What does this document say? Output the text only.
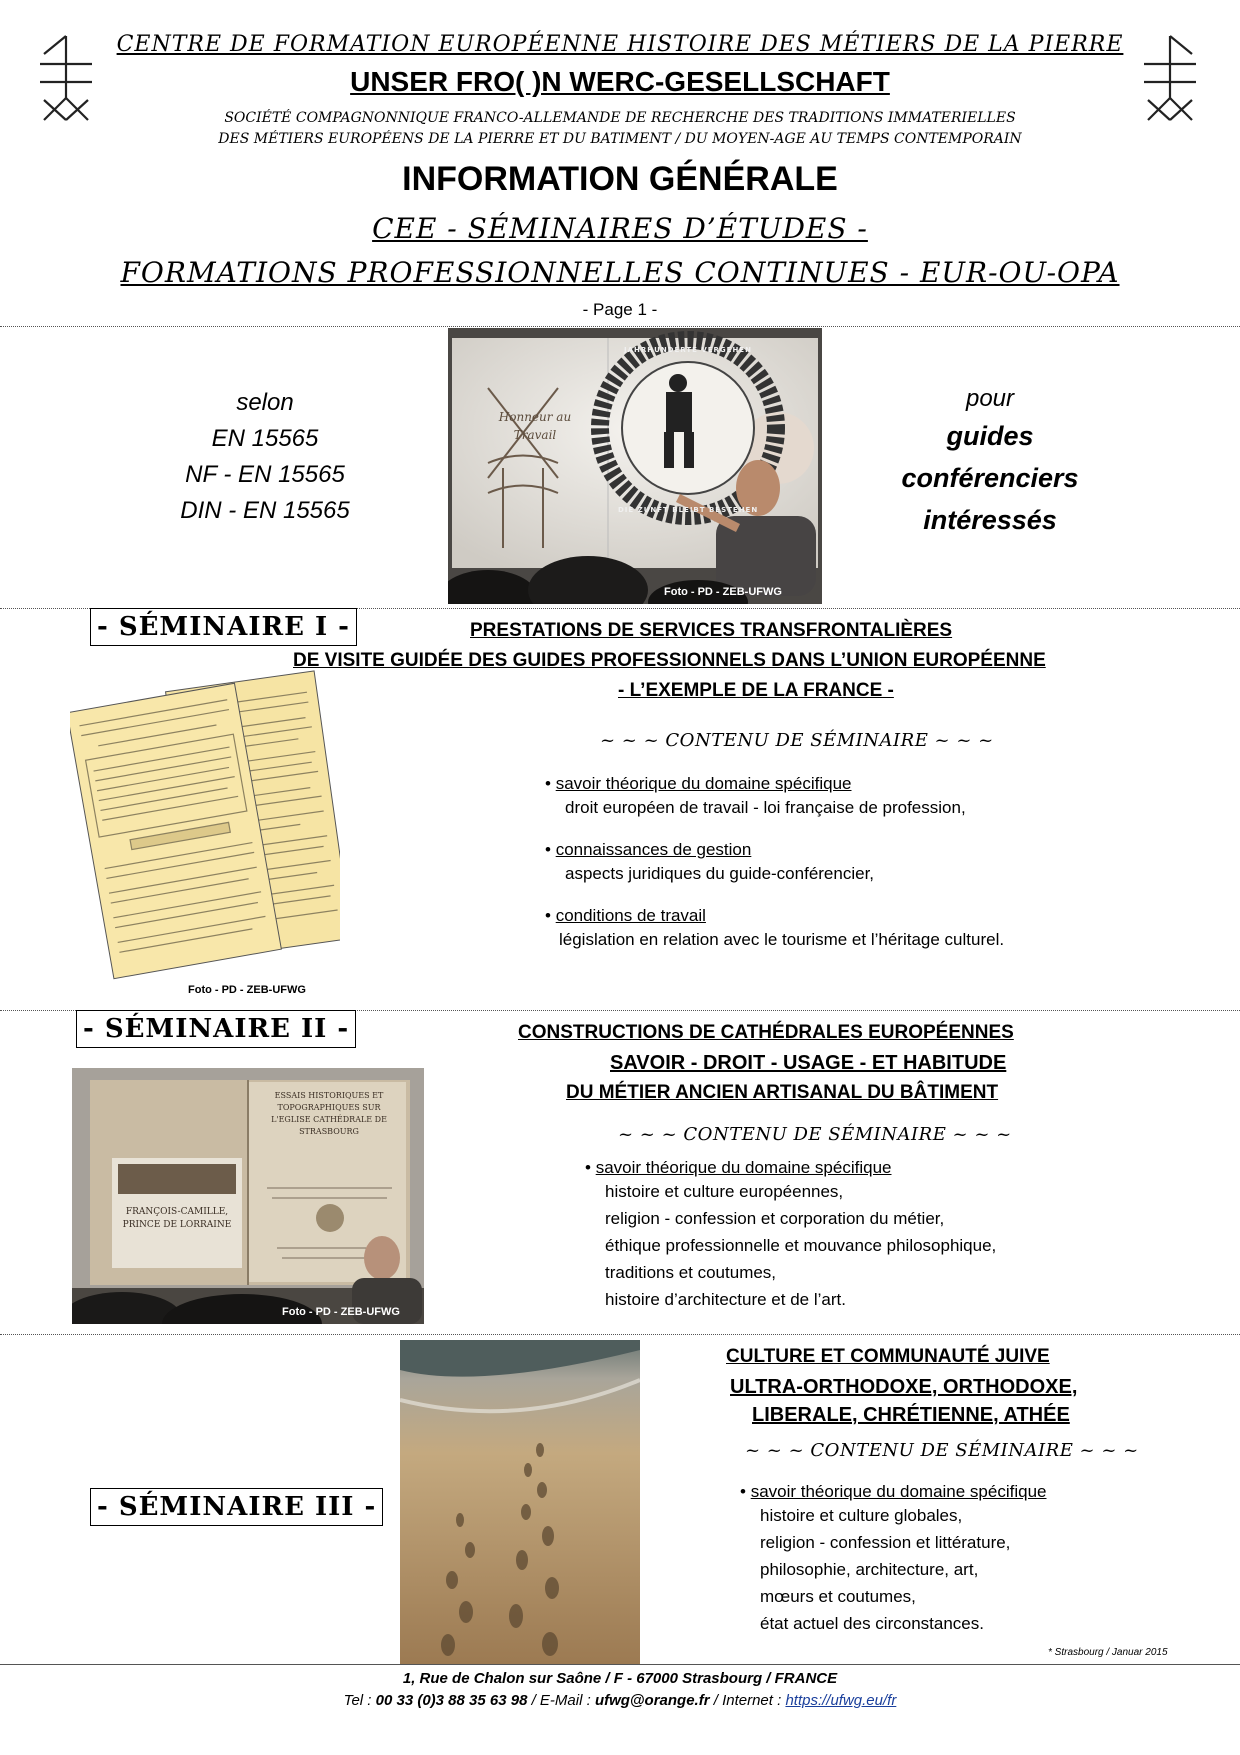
CENTRE DE FORMATION EUROPÉENNE HISTOIRE DES MÉTIERS DE LA PIERRE
UNSER FRO( )N WERC-GESELLSCHAFT
SOCIÉTÉ COMPAGNONNIQUE FRANCO-ALLEMANDE DE RECHERCHE DES TRADITIONS IMMATERIELLES
DES MÉTIERS EUROPÉENS DE LA PIERRE ET DU BATIMENT / DU MOYEN-AGE AU TEMPS CONTEMPORAIN
INFORMATION GÉNÉRALE
CEE - SÉMINAIRES D’ÉTUDES -
FORMATIONS PROFESSIONNELLES CONTINUES - EUR-OU-OPA
- Page 1 -
selon
EN 15565
NF - EN 15565
DIN - EN 15565
Honneur au Travail
JAHRHUNDERTE VERGEHEN
DIE ZUNFT BLEIBT BESTEHEN
Foto - PD - ZEB-UFWG
pour
guides
conférenciers
intéressés
- SÉMINAIRE I -	PRESTATIONS DE SERVICES TRANSFRONTALIÈRES
DE VISITE GUIDÉE DES GUIDES PROFESSIONNELS DANS L’UNION EUROPÉENNE
- L’EXEMPLE DE LA FRANCE -
Foto - PD - ZEB-UFWG
~ ~ ~ CONTENU DE SÉMINAIRE ~ ~ ~
• savoir théorique du domaine spécifique
droit européen de travail - loi française de profession,
• connaissances de gestion
aspects juridiques du guide-conférencier,
• conditions de travail
législation en relation avec le tourisme et l’héritage culturel.
- SÉMINAIRE II -	CONSTRUCTIONS DE CATHÉDRALES EUROPÉENNES
SAVOIR - DROIT - USAGE - ET HABITUDE
DU MÉTIER ANCIEN ARTISANAL DU BÂTIMENT
FRANÇOIS-CAMILLE, PRINCE DE LORRAINE
ESSAIS HISTORIQUES ET TOPOGRAPHIQUES SUR L'EGLISE CATHÉDRALE DE STRASBOURG
Foto - PD - ZEB-UFWG
~ ~ ~ CONTENU DE SÉMINAIRE ~ ~ ~
• savoir théorique du domaine spécifique
histoire et culture européennes,
religion - confession et corporation du métier,
éthique professionnelle et mouvance philosophique,
traditions et coutumes,
histoire d’architecture et de l’art.
- SÉMINAIRE III -
CULTURE ET COMMUNAUTÉ JUIVE
ULTRA-ORTHODOXE, ORTHODOXE,
LIBERALE, CHRÉTIENNE, ATHÉE
~ ~ ~ CONTENU DE SÉMINAIRE ~ ~ ~
• savoir théorique du domaine spécifique
histoire et culture globales,
religion - confession et littérature,
philosophie, architecture, art,
mœurs et coutumes,
état actuel des circonstances.
* Strasbourg / Januar 2015
1, Rue de Chalon sur Saône / F - 67000 Strasbourg / FRANCE
Tel : 00 33 (0)3 88 35 63 98 / E-Mail : ufwg@orange.fr / Internet : https://ufwg.eu/fr
